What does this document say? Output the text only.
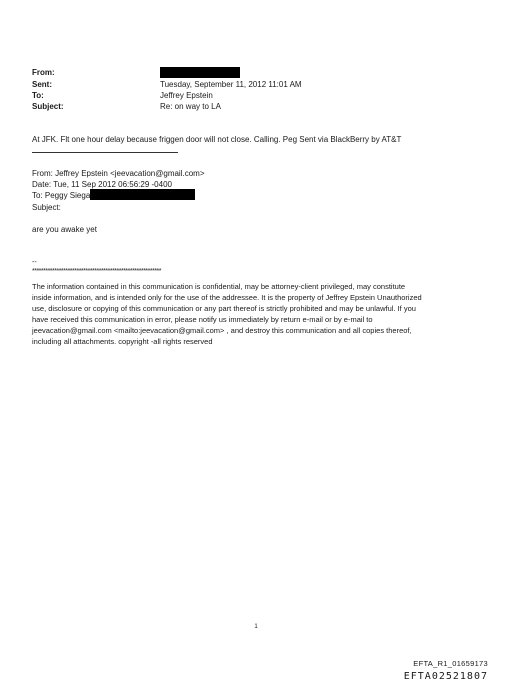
From:
Sent:	Tuesday, September 11, 2012 11:01 AM
To:	Jeffrey Epstein
Subject:	Re: on way to LA
At JFK. Flt one hour delay because friggen door will not close. Calling. Peg Sent via BlackBerry by AT&T
From: Jeffrey Epstein <jeevacation@gmail.com>
Date: Tue, 11 Sep 2012 06:56:29 -0400
To: Peggy Siega
Subject:
are you awake yet
--
**********************************************************
The information contained in this communication is confidential, may be attorney-client privileged, may constitute
inside information, and is intended only for the use of the addressee. It is the property of Jeffrey Epstein Unauthorized
use, disclosure or copying of this communication or any part thereof is strictly prohibited and may be unlawful. If you
have received this communication in error, please notify us immediately by return e-mail or by e-mail to
jeevacation@gmail.com <mailto:jeevacation@gmail.com> , and destroy this communication and all copies thereof,
including all attachments. copyright -all rights reserved
1
EFTA_R1_01659173
EFTA02521807
